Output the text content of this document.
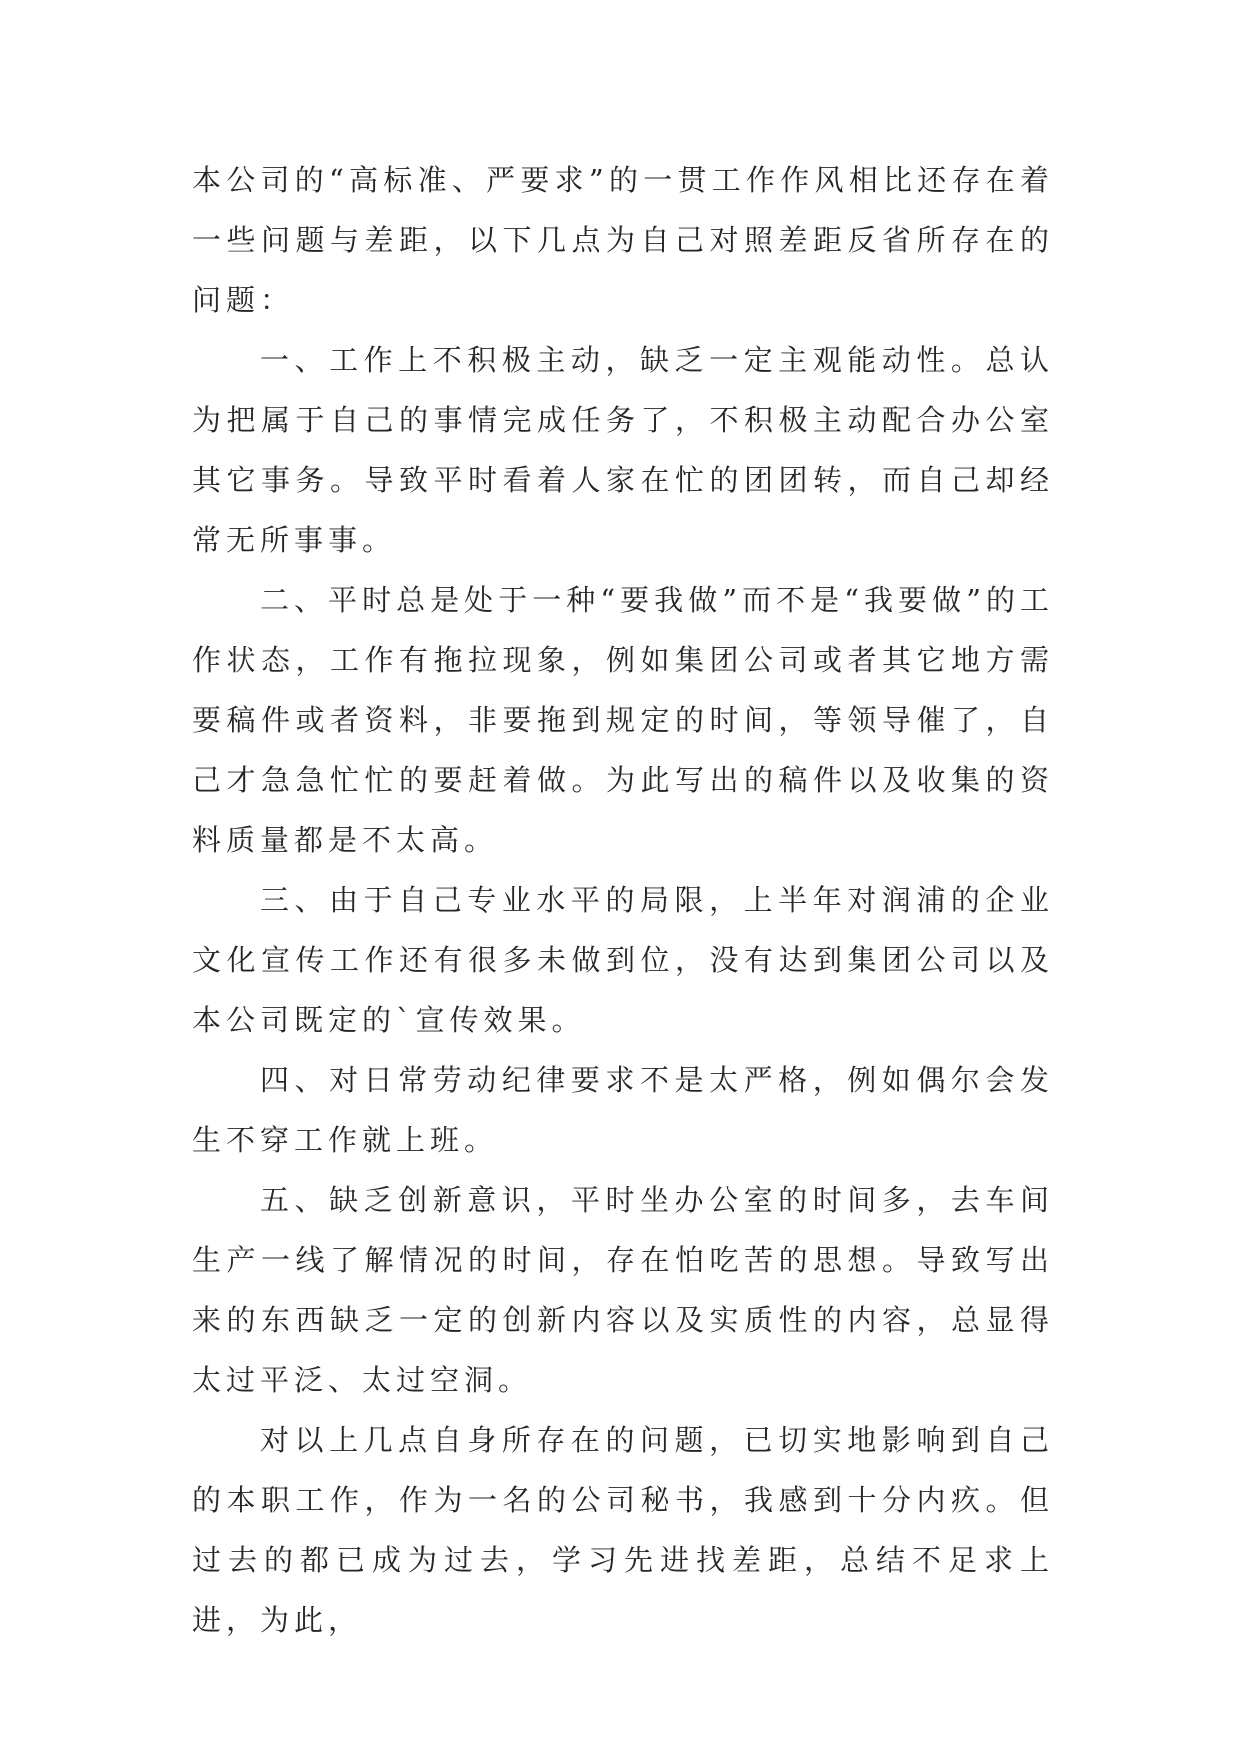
本公司的“高标准、严要求”的一贯工作作风相比还存在着一些问题与差距，以下几点为自己对照差距反省所存在的问题：

一、工作上不积极主动，缺乏一定主观能动性。总认为把属于自己的事情完成任务了，不积极主动配合办公室其它事务。导致平时看着人家在忙的团团转，而自己却经常无所事事。

二、平时总是处于一种“要我做”而不是“我要做”的工作状态，工作有拖拉现象，例如集团公司或者其它地方需要稿件或者资料，非要拖到规定的时间，等领导催了，自己才急急忙忙的要赶着做。为此写出的稿件以及收集的资料质量都是不太高。

三、由于自己专业水平的局限，上半年对润浦的企业文化宣传工作还有很多未做到位，没有达到集团公司以及本公司既定的`宣传效果。

四、对日常劳动纪律要求不是太严格，例如偶尔会发生不穿工作就上班。

五、缺乏创新意识，平时坐办公室的时间多，去车间生产一线了解情况的时间，存在怕吃苦的思想。导致写出来的东西缺乏一定的创新内容以及实质性的内容，总显得太过平泛、太过空洞。

对以上几点自身所存在的问题，已切实地影响到自己的本职工作，作为一名的公司秘书，我感到十分内疚。但过去的都已成为过去，学习先进找差距，总结不足求上进，为此，
